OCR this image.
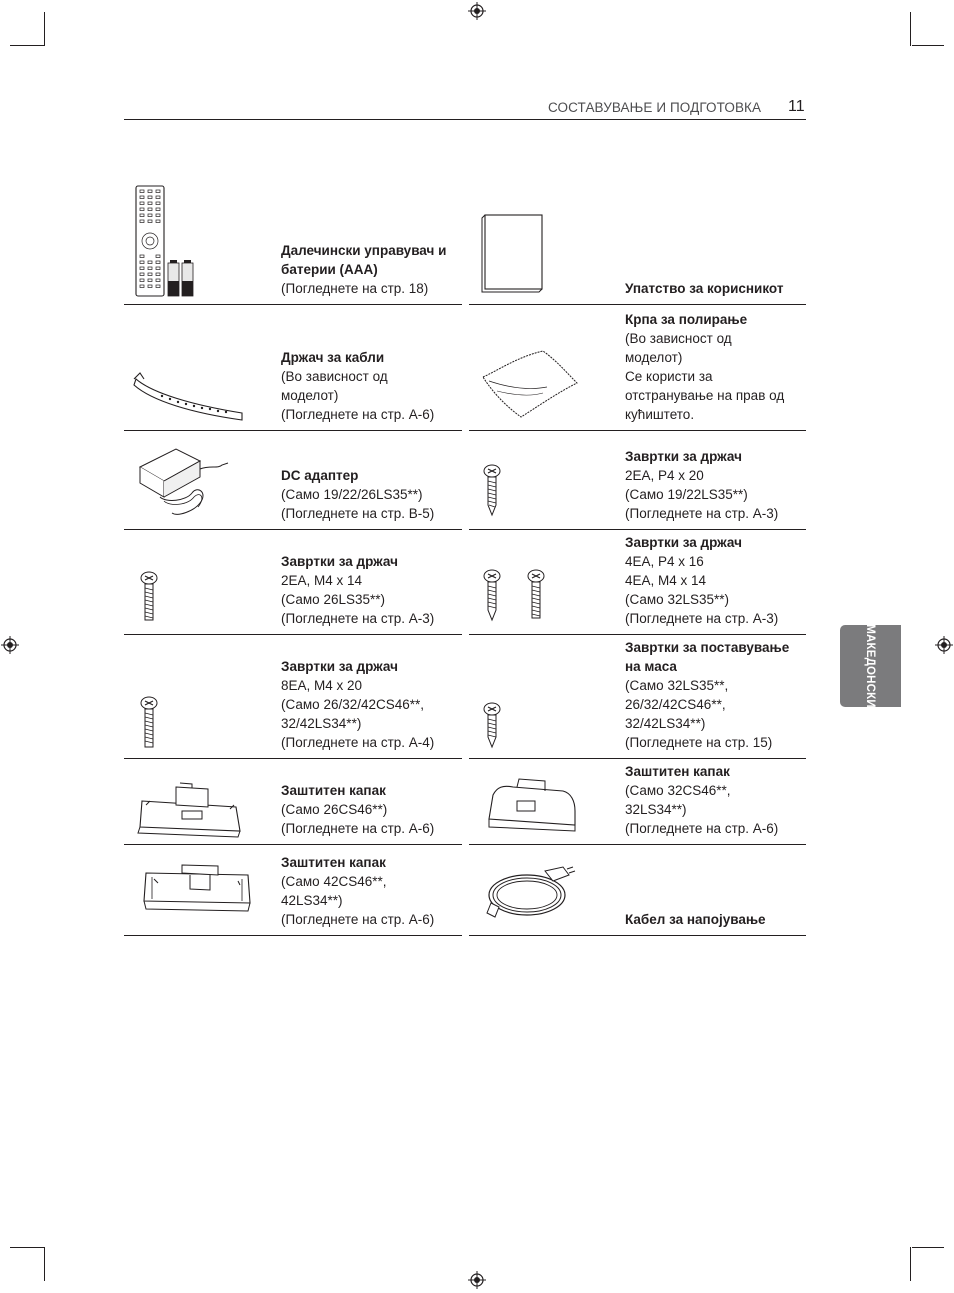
СОСТАВУВАЊЕ И ПОДГОТОВКА 11
МАКЕДОНСКИ
Далечински управувач и батерии (AAA)
(Погледнете на стр. 18)	Упатство за корисникот
Држач за кабли
(Во зависност од
моделот)
(Погледнете на стр. A-6)
Крпа за полирање
(Во зависност од
моделот)
Се користи за
отстранување на прав од
кућиштето.
DC адаптер
(Само 19/22/26LS35**)
(Погледнете на стр. B-5)
Завртки за држач
2EA, P4 x 20
(Само 19/22LS35**)
(Погледнете на стр. A-3)
Завртки за држач
2EA, M4 x 14
(Само 26LS35**)
(Погледнете на стр. A-3)
Завртки за држач
4EA, P4 x 16
4EA, M4 x 14
(Само 32LS35**)
(Погледнете на стр. A-3)
Завртки за држач
8EA, M4 x 20
(Само 26/32/42CS46**,
32/42LS34**)
(Погледнете на стр. A-4)
Завртки за поставување на маса
(Само 32LS35**,
26/32/42CS46**,
32/42LS34**)
(Погледнете на стр. 15)
Заштитен капак
(Само 26CS46**)
(Погледнете на стр. A-6)
Заштитен капак
(Само 32CS46**,
32LS34**)
(Погледнете на стр. A-6)
Заштитен капак
(Само 42CS46**,
42LS34**)
(Погледнете на стр. A-6)	Кабел за напојување
